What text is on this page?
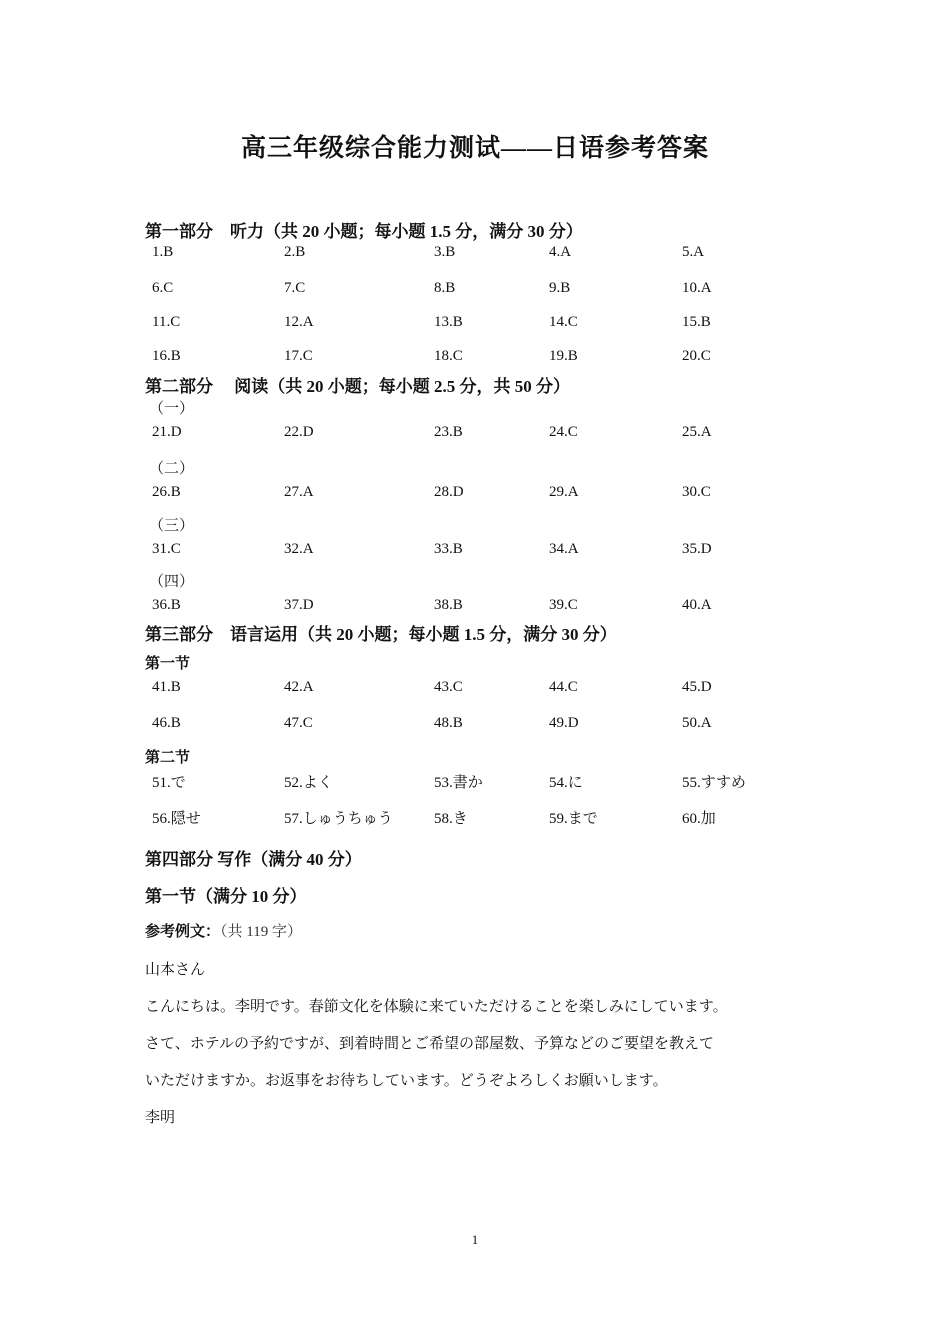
高三年级综合能力测试——日语参考答案
第一部分　听力（共 20 小题；每小题 1.5 分，满分 30 分）
1.B	2.B	3.B	4.A	5.A
6.C	7.C	8.B	9.B	10.A
11.C	12.A	13.B	14.C	15.B
16.B	17.C	18.C	19.B	20.C
第二部分　 阅读（共 20 小题；每小题 2.5 分，共 50 分）
（一）
21.D	22.D	23.B	24.C	25.A
（二）
26.B	27.A	28.D	29.A	30.C
（三）
31.C	32.A	33.B	34.A	35.D
（四）
36.B	37.D	38.B	39.C	40.A
第三部分　语言运用（共 20 小题；每小题 1.5 分，满分 30 分）
第一节
41.B	42.A	43.C	44.C	45.D
46.B	47.C	48.B	49.D	50.A
第二节
51.で	52.よく	53.書か	54.に	55.すすめ
56.隠せ	57.しゅうちゅう	58.き	59.まで	60.加
第四部分 写作（满分 40 分）
第一节（满分 10 分）
参考例文：（共 119 字）
山本さん
こんにちは。李明です。春節文化を体験に来ていただけることを楽しみにしています。
さて、ホテルの予約ですが、到着時間とご希望の部屋数、予算などのご要望を教えて
いただけますか。お返事をお待ちしています。どうぞよろしくお願いします。
李明
1
